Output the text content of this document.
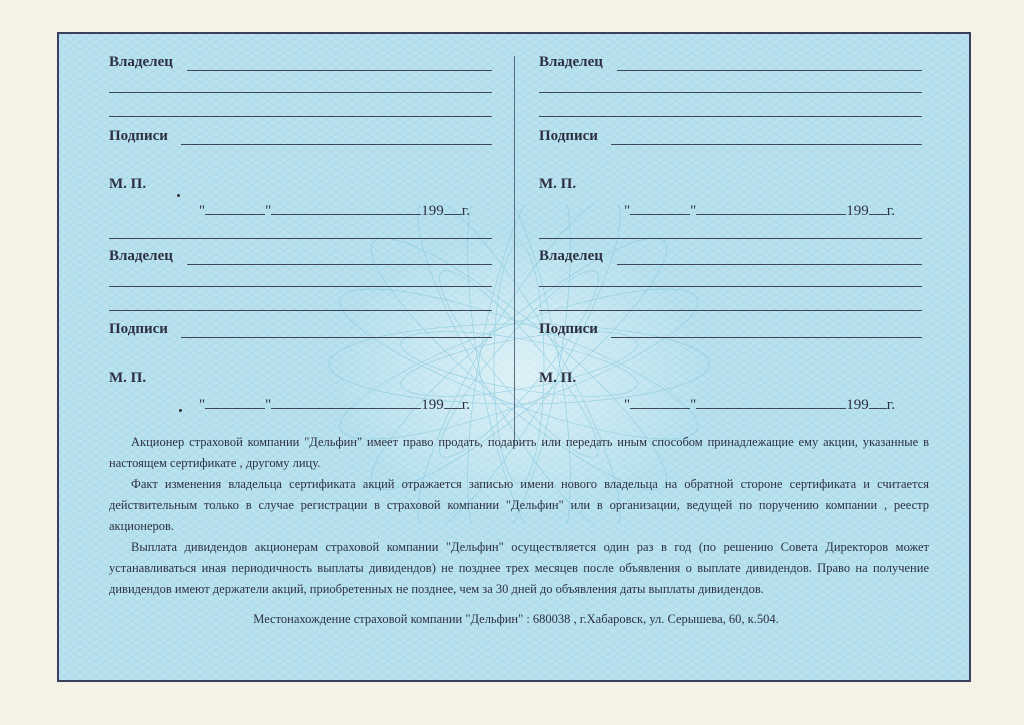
Владелец
Подписи
М. П.
"	"	199 г.
Владелец
Подписи
М. П.
"	"	199 г.
Владелец
Подписи
М. П.
"	"	199 г.
Владелец
Подписи
М. П.
"	"	199 г.

Акционер страховой компании "Дельфин" имеет право продать, подарить или передать иным способом принадлежащие ему акции, указанные в настоящем сертификате , другому лицу.

Факт изменения владельца сертификата акций отражается записью имени нового владельца на обратной стороне сертификата и считается действительным только в случае регистрации в страховой компании "Дельфин" или в организации, ведущей по поручению компании , реестр акционеров.

Выплата дивидендов акционерам страховой компании "Дельфин" осуществляется один раз в год (по решению Совета Директоров может устанавливаться иная периодичность выплаты дивидендов) не позднее трех месяцев после объявления о выплате дивидендов. Право на получение дивидендов имеют держатели акций, приобретенных не позднее, чем за 30 дней до объявления даты выплаты дивидендов.

Местонахождение страховой компании "Дельфин" : 680038 , г.Хабаровск, ул. Серышева, 60, к.504.
